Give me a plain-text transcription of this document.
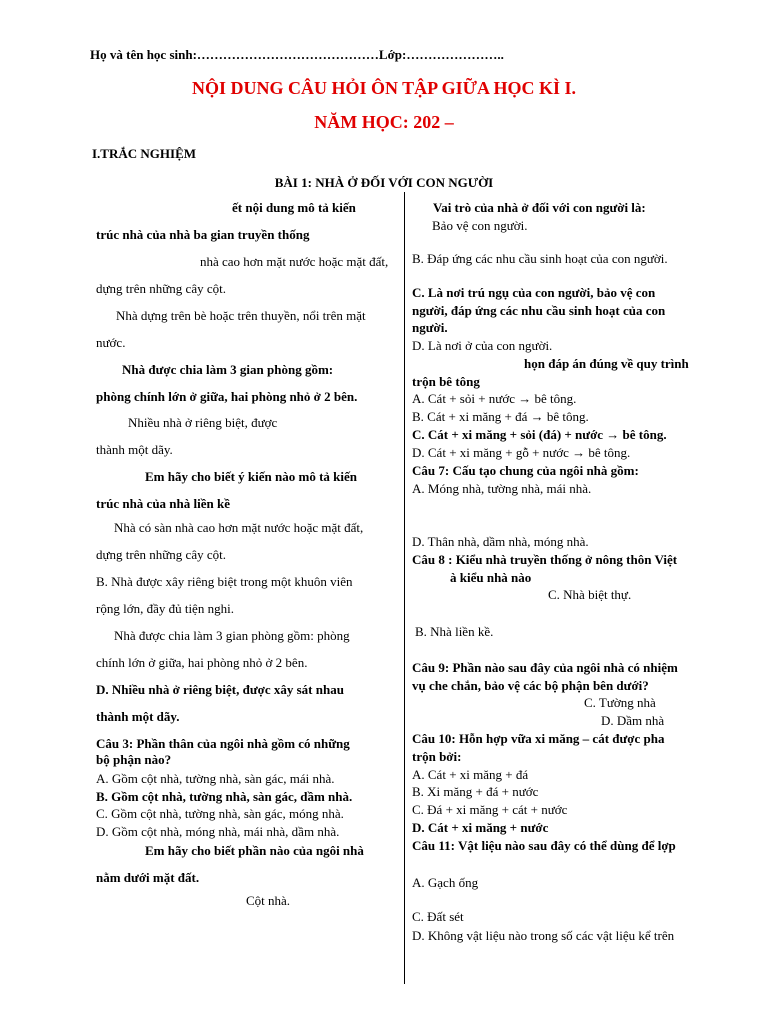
Họ và tên học sinh:……………………………………Lớp:…………………..
NỘI DUNG CÂU HỎI ÔN TẬP GIỮA HỌC KÌ I.
NĂM HỌC: 202 –
I.TRẮC NGHIỆM
BÀI 1: NHÀ Ở ĐỐI VỚI CON NGƯỜI
ết nội dung mô tả kiến
trúc nhà của nhà ba gian truyền thống
nhà cao hơn mặt nước hoặc mặt đất,
dựng trên những cây cột.
Nhà dựng trên bè hoặc trên thuyền, nổi trên mặt
nước.
Nhà được chia làm 3 gian phòng gồm:
phòng chính lớn ở giữa, hai phòng nhỏ ở 2 bên.
Nhiều nhà ở riêng biệt, được
thành một dãy.
Em hãy cho biết ý kiến nào mô tả kiến
trúc nhà của nhà liền kề
Nhà có sàn nhà cao hơn mặt nước hoặc mặt đất,
dựng trên những cây cột.
B. Nhà được xây riêng biệt trong một khuôn viên
rộng lớn, đầy đủ tiện nghi.
Nhà được chia làm 3 gian phòng gồm: phòng
chính lớn ở giữa, hai phòng nhỏ ở 2 bên.
D. Nhiều nhà ở riêng biệt, được xây sát nhau
thành một dãy.
Câu 3: Phần thân của ngôi nhà gồm có những
bộ phận nào?
A. Gồm cột nhà, tường nhà, sàn gác, mái nhà.
B. Gồm cột nhà, tường nhà, sàn gác, dầm nhà.
C. Gồm cột nhà, tường nhà, sàn gác, móng nhà.
D. Gồm cột nhà, móng nhà, mái nhà, dầm nhà.
Em hãy cho biết phần nào của ngôi nhà
nằm dưới mặt đất.
Cột nhà.
Vai trò của nhà ở đối với con người là:
Bảo vệ con người.
B. Đáp ứng các nhu cầu sinh hoạt của con người.
C. Là nơi trú ngụ của con người, bảo vệ con
người, đáp ứng các nhu cầu sinh hoạt của con
người.
D. Là nơi ở của con người.
họn đáp án đúng về quy trình
trộn bê tông
A. Cát + sỏi + nước → bê tông.
B. Cát + xi măng + đá → bê tông.
C. Cát + xi măng + sỏi (đá) + nước → bê tông.
D. Cát + xi măng + gỗ + nước → bê tông.
Câu 7: Cấu tạo chung của ngôi nhà gồm:
A. Móng nhà, tường nhà, mái nhà.
D. Thân nhà, dầm nhà, móng nhà.
Câu 8 : Kiểu nhà truyền thống ở nông thôn Việt
à kiểu nhà nào
C. Nhà biệt thự.
B. Nhà liền kề.
Câu 9: Phần nào sau đây của ngôi nhà có nhiệm
vụ che chắn, bảo vệ các bộ phận bên dưới?
C. Tường nhà
D. Dầm nhà
Câu 10: Hỗn hợp vữa xi măng – cát được pha
trộn bởi:
A. Cát + xi măng + đá
B. Xi măng + đá + nước
C. Đá + xi măng + cát + nước
D. Cát + xi măng + nước
Câu 11: Vật liệu nào sau đây có thể dùng để lợp
A. Gạch ống
C. Đất sét
D. Không vật liệu nào trong số các vật liệu kể trên
